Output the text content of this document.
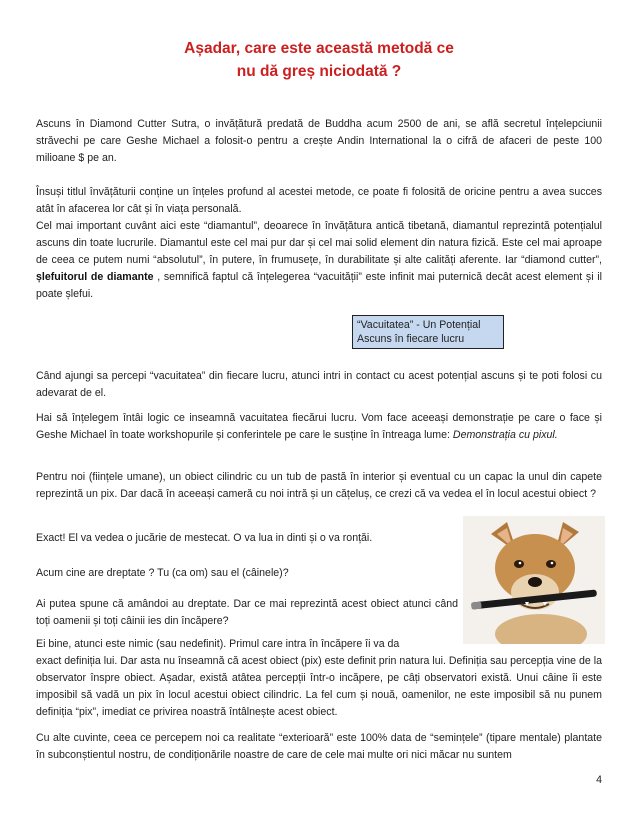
Așadar, care este această metodă ce
nu dă greș niciodată ?

Ascuns în Diamond Cutter Sutra, o invățătură predată de Buddha acum 2500 de ani, se află secretul înțelepciunii străvechi pe care Geshe Michael a folosit-o pentru a crește Andin International la o cifră de afaceri de peste 100 milioane $ pe an.

Însuși titlul învățăturii conține un înțeles profund al acestei metode, ce poate fi folosită de oricine pentru a avea succes atât în afacerea lor cât și în viața personală.

Cel mai important cuvânt aici este “diamantul”, deoarece în învățătura antică tibetană, diamantul reprezintă potențialul ascuns din toate lucrurile. Diamantul este cel mai pur dar și cel mai solid element din natura fizică. Este cel mai aproape de ceea ce putem numi “absolutul”, în putere, în frumusețe, în durabilitate și alte calități aferente. Iar “diamond cutter”, șlefuitorul de diamante , semnifică faptul că înțelegerea “vacuității” este infinit mai puternică decât acest element și il poate șlefui.

“Vacuitatea” - Un Potențial
Ascuns în fiecare lucru

Când ajungi sa percepi “vacuitatea” din fiecare lucru, atunci intri in contact cu acest potențial ascuns și te poti folosi cu adevarat de el.

Hai să înțelegem întâi logic ce inseamnă vacuitatea fiecărui lucru. Vom face aceeași demonstrație pe care o face și Geshe Michael în toate workshopurile și conferintele pe care le susține în întreaga lume: Demonstrația cu pixul.

Pentru noi (ființele umane), un obiect cilindric cu un tub de pastă în interior și eventual cu un capac la unul din capete reprezintă un pix. Dar dacă în aceeași cameră cu noi intră și un cățeluș, ce crezi că va vedea el în locul acestui obiect ?

Exact! El va vedea o jucărie de mestecat. O va lua in dinti și o va ronțăi.

Acum cine are dreptate ? Tu (ca om) sau el (câinele)?

Ai putea spune că amândoi au dreptate. Dar ce mai reprezintă acest obiect atunci când toți oamenii și toți câinii ies din încăpere?

Ei bine, atunci este nimic (sau nedefinit). Primul care intra în încăpere îi va da

exact definiția lui. Dar asta nu înseamnă că acest obiect (pix) este definit prin natura lui. Definiția sau percepția vine de la observator înspre obiect. Așadar, există atâtea percepții într-o incăpere, pe câți observatori există. Unui câine îi este imposibil să vadă un pix în locul acestui obiect cilindric. La fel cum și nouă, oamenilor, ne este imposibil să nu punem definiția “pix”, imediat ce privirea noastră întâlnește acest obiect.

Cu alte cuvinte, ceea ce percepem noi ca realitate “exterioară” este 100% data de “semințele” (tipare mentale) plantate în subconștientul nostru, de condiționările noastre de care de cele mai multe ori nici măcar nu suntem

4
